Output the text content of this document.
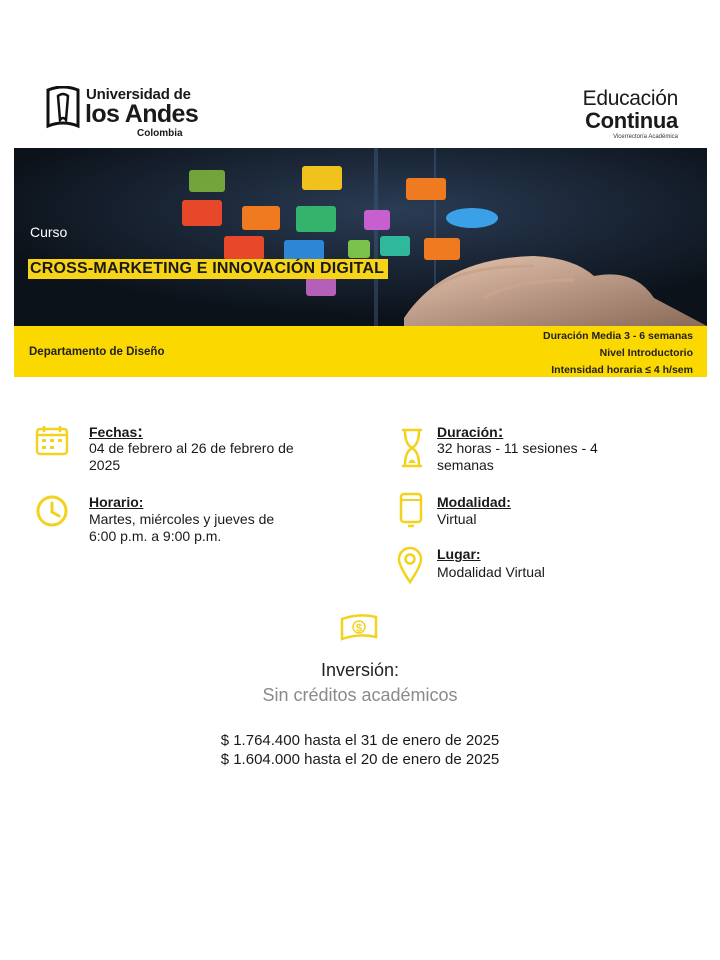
Universidad de
los Andes
Colombia
Educación
Continua
Vicerrectoría Académica
Curso
CROSS-MARKETING E INNOVACIÓN DIGITAL
Departamento de Diseño
Duración Media 3 - 6 semanas
Nivel Introductorio
Intensidad horaria ≤ 4 h/sem
Fechas:
04 de febrero al 26 de febrero de
2025
Horario:
Martes, miércoles y jueves de
6:00 p.m. a 9:00 p.m.
Duración:
32 horas - 11 sesiones - 4
semanas
Modalidad:
Virtual
Lugar:
Modalidad Virtual
$
Inversión:
Sin créditos académicos
$ 1.764.400 hasta el 31 de enero de 2025
$ 1.604.000 hasta el 20 de enero de 2025
